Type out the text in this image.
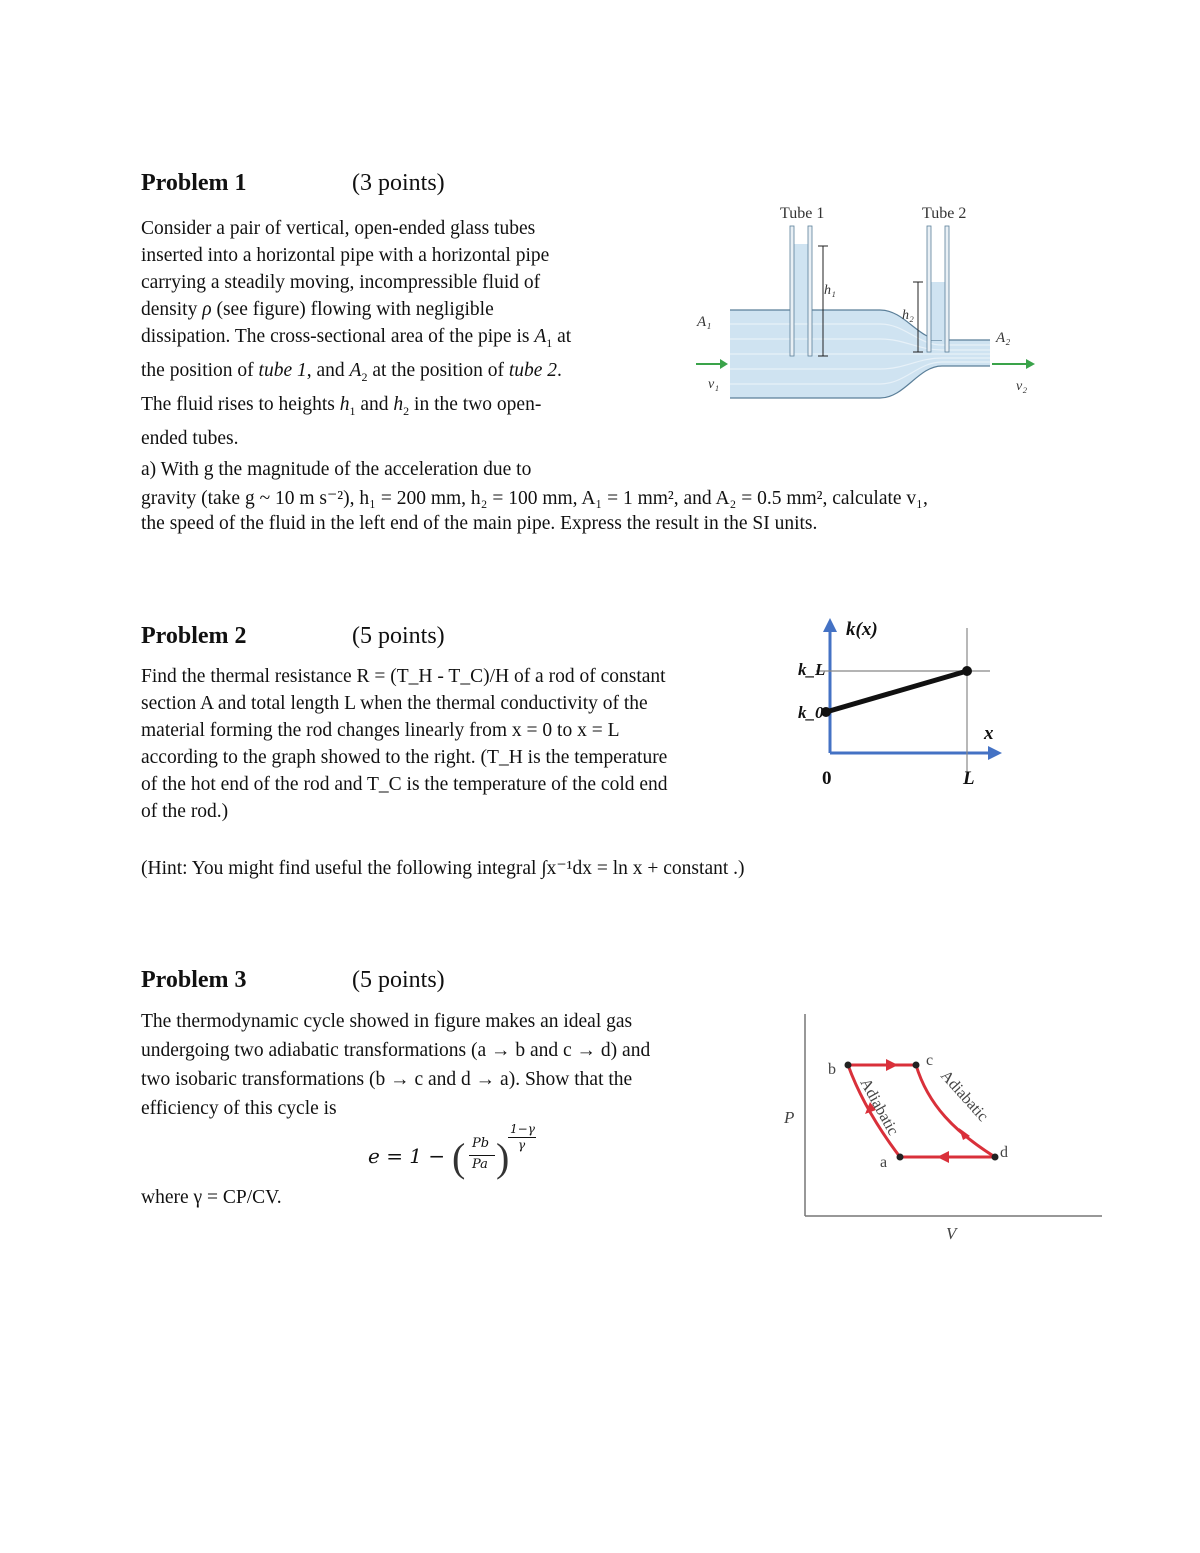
Problem 1	(3 points)

Consider a pair of vertical, open-ended glass tubes

inserted into a horizontal pipe with a horizontal pipe

carrying a steadily moving, incompressible fluid of

density ρ (see figure) flowing with negligible

dissipation. The cross-sectional area of the pipe is $A_1$ at

the position of tube 1, and $A_2$ at the position of tube 2.

The fluid rises to heights $h_1$ and $h_2$ in the two open-

ended tubes.

Tube 1	Tube 2
h₁
h₂
A₁
A₂
v₁	v₂
a) With g the magnitude of the acceleration due to
gravity (take g ~ 10 m s⁻²), h₁ = 200 mm, h₂ = 100 mm, A₁ = 1 mm², and A₂ = 0.5 mm², calculate v₁,
the speed of the fluid in the left end of the main pipe. Express the result in the SI units.
Problem 2	(5 points)
Find the thermal resistance R = (T_H - T_C)/H of a rod of constant
section A and total length L when the thermal conductivity of the
material forming the rod changes linearly from x = 0 to x = L
according to the graph showed to the right. (T_H is the temperature
of the hot end of the rod and T_C is the temperature of the cold end
of the rod.)
k(x)
x
k_L
k_0
0	L
(Hint: You might find useful the following integral ∫x⁻¹dx = ln x + constant .)
Problem 3	(5 points)
The thermodynamic cycle showed in figure makes an ideal gas
undergoing two adiabatic transformations (a → b and c → d) and
two isobaric transformations (b → c and d → a). Show that the
efficiency of this cycle is
e = 1 − ( Pb
Pa )
1−γ
γ
where γ = CP/CV.
P
V
b
c
a
d
Adiabatic Adiabatic
